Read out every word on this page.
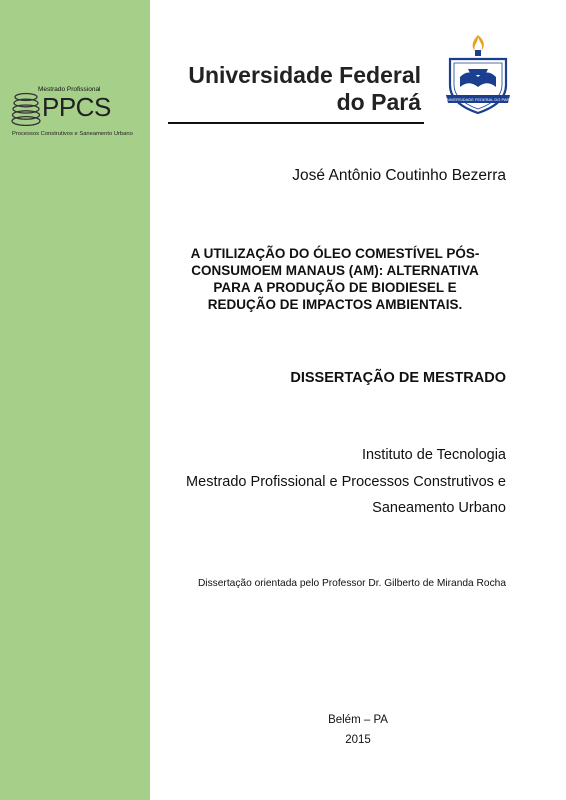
Mestrado Profissional
PPCS
Processos Construtivos e Saneamento Urbano
Universidade Federal
do Pará	UNIVERSIDADE FEDERAL DO PARÁ
José Antônio Coutinho Bezerra
A UTILIZAÇÃO DO ÓLEO COMESTÍVEL PÓS-
CONSUMOEM MANAUS (AM): ALTERNATIVA
PARA A PRODUÇÃO DE BIODIESEL E
REDUÇÃO DE IMPACTOS AMBIENTAIS.
DISSERTAÇÃO DE MESTRADO
Instituto de Tecnologia
Mestrado Profissional e Processos Construtivos e
Saneamento Urbano
Dissertação orientada pelo Professor Dr. Gilberto de Miranda Rocha
Belém – PA
2015
